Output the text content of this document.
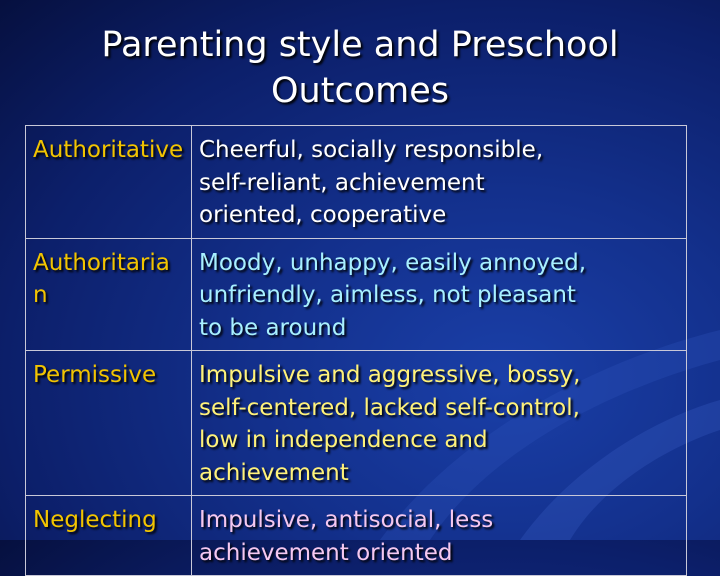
Parenting style and Preschool
Outcomes
Authoritative	Cheerful, socially responsible,
self-reliant, achievement
oriented, cooperative

Authoritarian	Moody, unhappy, easily annoyed,
unfriendly, aimless, not pleasant
to be around

Permissive	Impulsive and aggressive, bossy,
self-centered, lacked self-control,
low in independence and
achievement

Neglecting	Impulsive, antisocial, less
achievement oriented
